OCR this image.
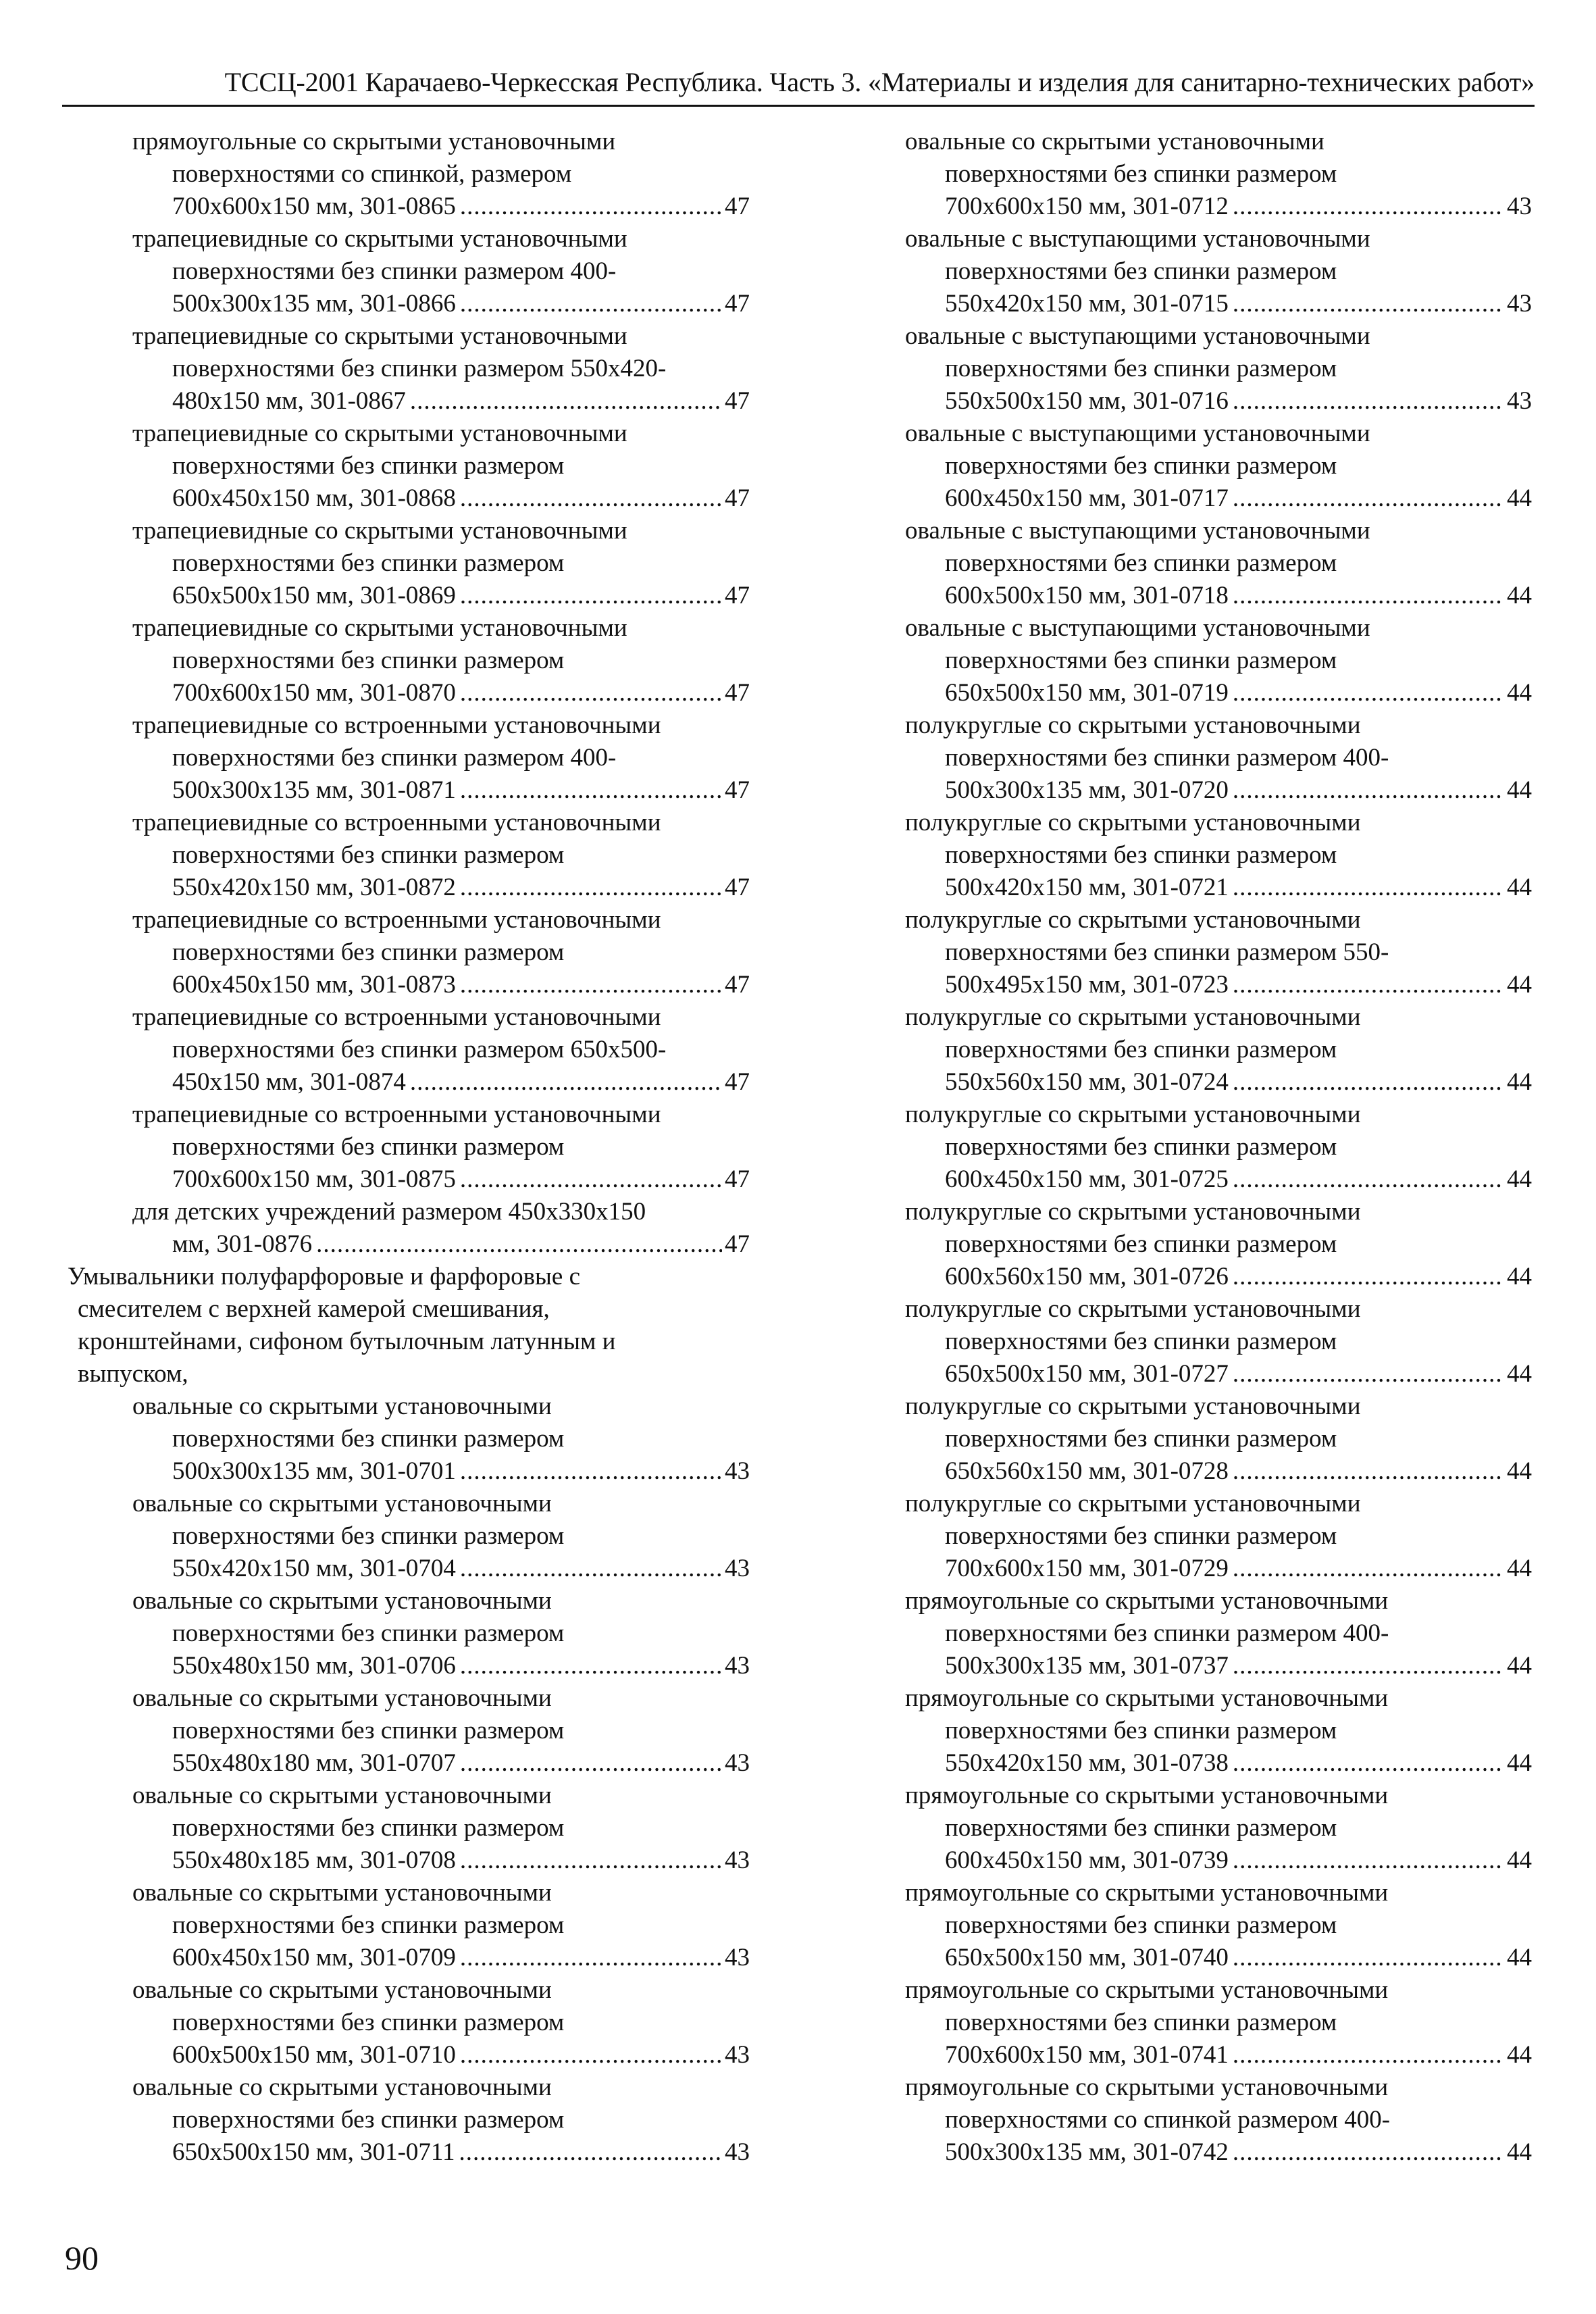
ТССЦ-2001 Карачаево-Черкесская Республика. Часть 3. «Материалы и изделия для санитарно-технических работ»
прямоугольные со скрытыми установочными
поверхностями со спинкой, размером
700х600х150 мм, 301-0865 .....	47
трапециевидные со скрытыми установочными
поверхностями без спинки размером 400-
500х300х135 мм, 301-0866 .....	47
трапециевидные со скрытыми установочными
поверхностями без спинки размером 550х420-
480х150 мм, 301-0867 .....	47
трапециевидные со скрытыми установочными
поверхностями без спинки размером
600х450х150 мм, 301-0868 .....	47
трапециевидные со скрытыми установочными
поверхностями без спинки размером
650х500х150 мм, 301-0869 .....	47
трапециевидные со скрытыми установочными
поверхностями без спинки размером
700х600х150 мм, 301-0870 .....	47
трапециевидные со встроенными установочными
поверхностями без спинки размером 400-
500х300х135 мм, 301-0871 .....	47
трапециевидные со встроенными установочными
поверхностями без спинки размером
550х420х150 мм, 301-0872 .....	47
трапециевидные со встроенными установочными
поверхностями без спинки размером
600х450х150 мм, 301-0873 .....	47
трапециевидные со встроенными установочными
поверхностями без спинки размером 650х500-
450х150 мм, 301-0874 .....	47
трапециевидные со встроенными установочными
поверхностями без спинки размером
700х600х150 мм, 301-0875 .....	47
для детских учреждений размером 450х330х150
мм, 301-0876 .....	47
Умывальники полуфарфоровые и фарфоровые с
смесителем с верхней камерой смешивания,
кронштейнами, сифоном бутылочным латунным и
выпуском,
овальные со скрытыми установочными
поверхностями без спинки размером
500х300х135 мм, 301-0701 .....	43
овальные со скрытыми установочными
поверхностями без спинки размером
550х420х150 мм, 301-0704 .....	43
овальные со скрытыми установочными
поверхностями без спинки размером
550х480х150 мм, 301-0706 .....	43
овальные со скрытыми установочными
поверхностями без спинки размером
550х480х180 мм, 301-0707 .....	43
овальные со скрытыми установочными
поверхностями без спинки размером
550х480х185 мм, 301-0708 .....	43
овальные со скрытыми установочными
поверхностями без спинки размером
600х450х150 мм, 301-0709 .....	43
овальные со скрытыми установочными
поверхностями без спинки размером
600х500х150 мм, 301-0710 .....	43
овальные со скрытыми установочными
поверхностями без спинки размером
650х500х150 мм, 301-0711 .....	43
овальные со скрытыми установочными
поверхностями без спинки размером
700х600х150 мм, 301-0712 .....	43
овальные с выступающими установочными
поверхностями без спинки размером
550х420х150 мм, 301-0715 .....	43
овальные с выступающими установочными
поверхностями без спинки размером
550х500х150 мм, 301-0716 .....	43
овальные с выступающими установочными
поверхностями без спинки размером
600х450х150 мм, 301-0717 .....	44
овальные с выступающими установочными
поверхностями без спинки размером
600х500х150 мм, 301-0718 .....	44
овальные с выступающими установочными
поверхностями без спинки размером
650х500х150 мм, 301-0719 .....	44
полукруглые со скрытыми установочными
поверхностями без спинки размером 400-
500х300х135 мм, 301-0720 .....	44
полукруглые со скрытыми установочными
поверхностями без спинки размером
500х420х150 мм, 301-0721 .....	44
полукруглые со скрытыми установочными
поверхностями без спинки размером 550-
500х495х150 мм, 301-0723 .....	44
полукруглые со скрытыми установочными
поверхностями без спинки размером
550х560х150 мм, 301-0724 .....	44
полукруглые со скрытыми установочными
поверхностями без спинки размером
600х450х150 мм, 301-0725 .....	44
полукруглые со скрытыми установочными
поверхностями без спинки размером
600х560х150 мм, 301-0726 .....	44
полукруглые со скрытыми установочными
поверхностями без спинки размером
650х500х150 мм, 301-0727 .....	44
полукруглые со скрытыми установочными
поверхностями без спинки размером
650х560х150 мм, 301-0728 .....	44
полукруглые со скрытыми установочными
поверхностями без спинки размером
700х600х150 мм, 301-0729 .....	44
прямоугольные со скрытыми установочными
поверхностями без спинки размером 400-
500х300х135 мм, 301-0737 .....	44
прямоугольные со скрытыми установочными
поверхностями без спинки размером
550х420х150 мм, 301-0738 .....	44
прямоугольные со скрытыми установочными
поверхностями без спинки размером
600х450х150 мм, 301-0739 .....	44
прямоугольные со скрытыми установочными
поверхностями без спинки размером
650х500х150 мм, 301-0740 .....	44
прямоугольные со скрытыми установочными
поверхностями без спинки размером
700х600х150 мм, 301-0741 .....	44
прямоугольные со скрытыми установочными
поверхностями со спинкой размером 400-
500х300х135 мм, 301-0742 .....	44
90
